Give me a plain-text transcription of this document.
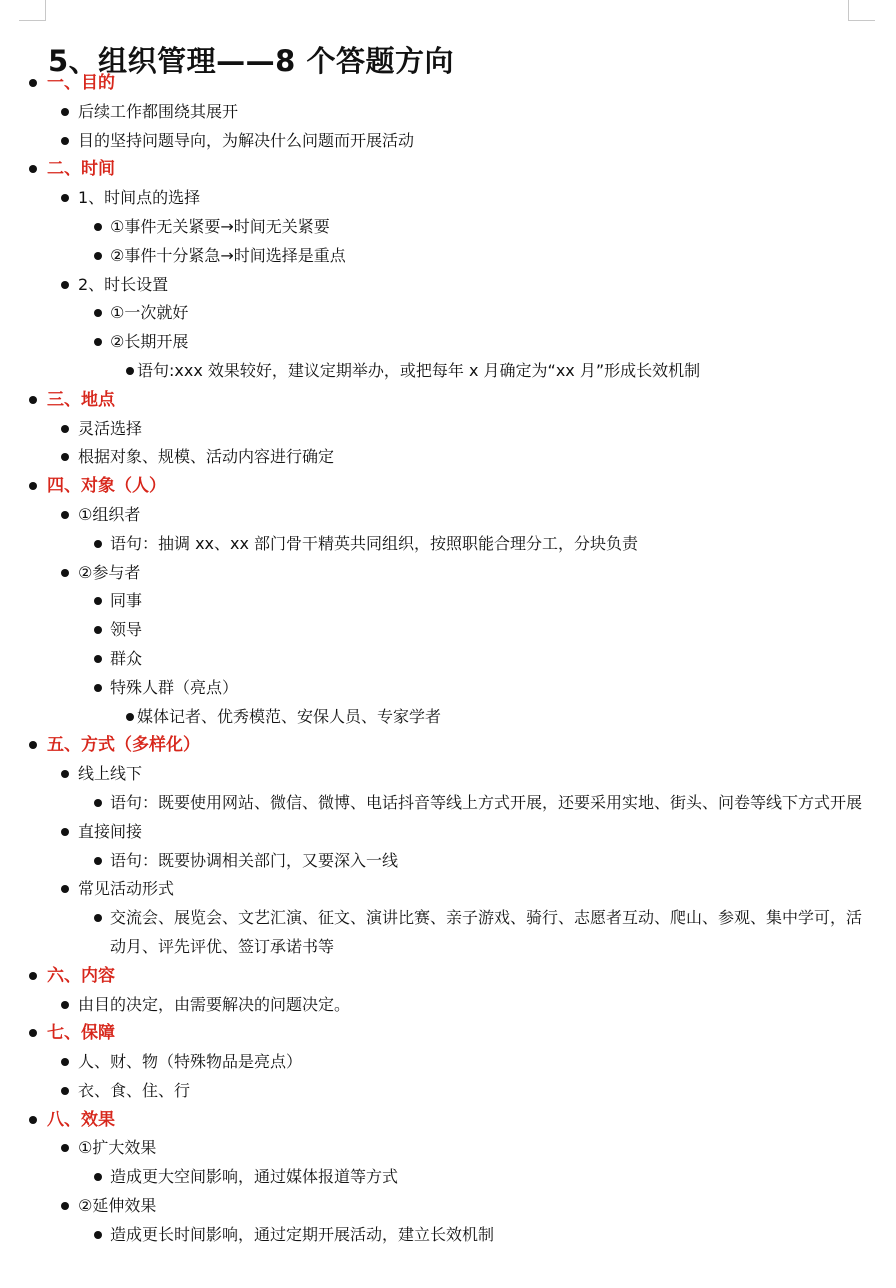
5、组织管理——8 个答题方向
一、目的
后续工作都围绕其展开
目的坚持问题导向，为解决什么问题而开展活动
二、时间
1、时间点的选择
①事件无关紧要→时间无关紧要
②事件十分紧急→时间选择是重点
2、时长设置
①一次就好
②长期开展
语句:xxx 效果较好，建议定期举办，或把每年 x 月确定为“xx 月”形成长效机制
三、地点
灵活选择
根据对象、规模、活动内容进行确定
四、对象（人）
①组织者
语句：抽调 xx、xx 部门骨干精英共同组织，按照职能合理分工，分块负责
②参与者
同事
领导
群众
特殊人群（亮点）
媒体记者、优秀模范、安保人员、专家学者
五、方式（多样化）
线上线下
语句：既要使用网站、微信、微博、电话抖音等线上方式开展，还要采用实地、街头、问卷等线下方式开展
直接间接
语句：既要协调相关部门，又要深入一线
常见活动形式
交流会、展览会、文艺汇演、征文、演讲比赛、亲子游戏、骑行、志愿者互动、爬山、参观、集中学可，活动月、评先评优、签订承诺书等
六、内容
由目的决定，由需要解决的问题决定。
七、保障
人、财、物（特殊物品是亮点）
衣、食、住、行
八、效果
①扩大效果
造成更大空间影响，通过媒体报道等方式
②延伸效果
造成更长时间影响，通过定期开展活动，建立长效机制
